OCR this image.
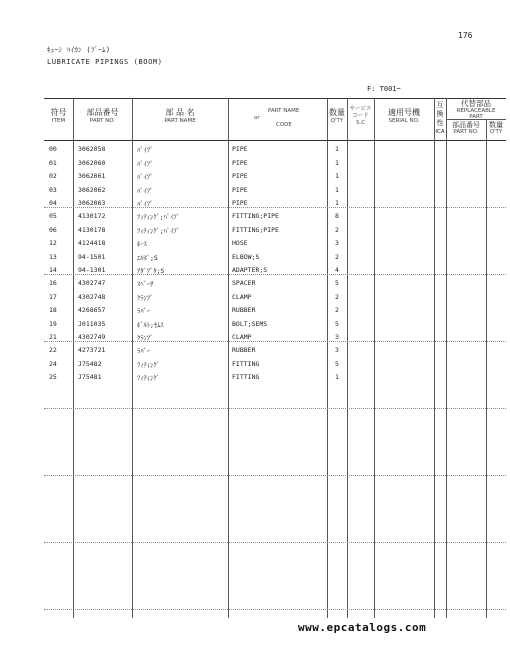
176
ｷｭｰｼ ﾊｲｶﾝ (ﾌﾞｰﾑ)
LUBRICATE PIPINGS (BOOM)
F: T001~
符号
ITEM
部品番号
PART NO.
部 品 名
PART NAME
PART NAME
or
CODE
数量
Q'TY
サービス
コード
S.C
適用号機
SERIAL NO.
互
換
性
ICA
代替部品
REPLACEABLE
PART
部品番号
PART NO.
数量
Q'TY
00	3062058	ﾊﾟｲﾌﾟ	PIPE	1
01	3062060	ﾊﾟｲﾌﾟ	PIPE	1
02	3062061	ﾊﾟｲﾌﾟ	PIPE	1
03	3062062	ﾊﾟｲﾌﾟ	PIPE	1
04	3062063	ﾊﾟｲﾌﾟ	PIPE	1
05	4130172	ﾌｨﾃｨﾝｸﾞ;ﾊﾟｲﾌﾟ	FITTING;PIPE	8
06	4130178	ﾌｨﾃｨﾝｸﾞ;ﾊﾟｲﾌﾟ	FITTING;PIPE	2
12	4124418	ﾎｰｽ	HOSE	3
13	94-1501	ｴﾙﾎﾞ;S	ELBOW;S	2
14	94-1301	ｱﾀﾞﾌﾟﾀ;S	ADAPTER;S	4
16	4302747	ｽﾍﾟｰｻ	SPACER	5
17	4302748	ｸﾗﾝﾌﾟ	CLAMP	2
18	4268657	ﾗﾊﾞｰ	RUBBER	2
19	J011035	ﾎﾞﾙﾄ;ｾﾑｽ	BOLT;SEMS	5
21	4302749	ｸﾗﾝﾌﾟ	CLAMP	3
22	4273721	ﾗﾊﾞｰ	RUBBER	3
24	J75482	ﾌｨﾃｨﾝｸﾞ	FITTING	5
25	J75481	ﾌｨﾃｨﾝｸﾞ	FITTING	1
www.epcatalogs.com
